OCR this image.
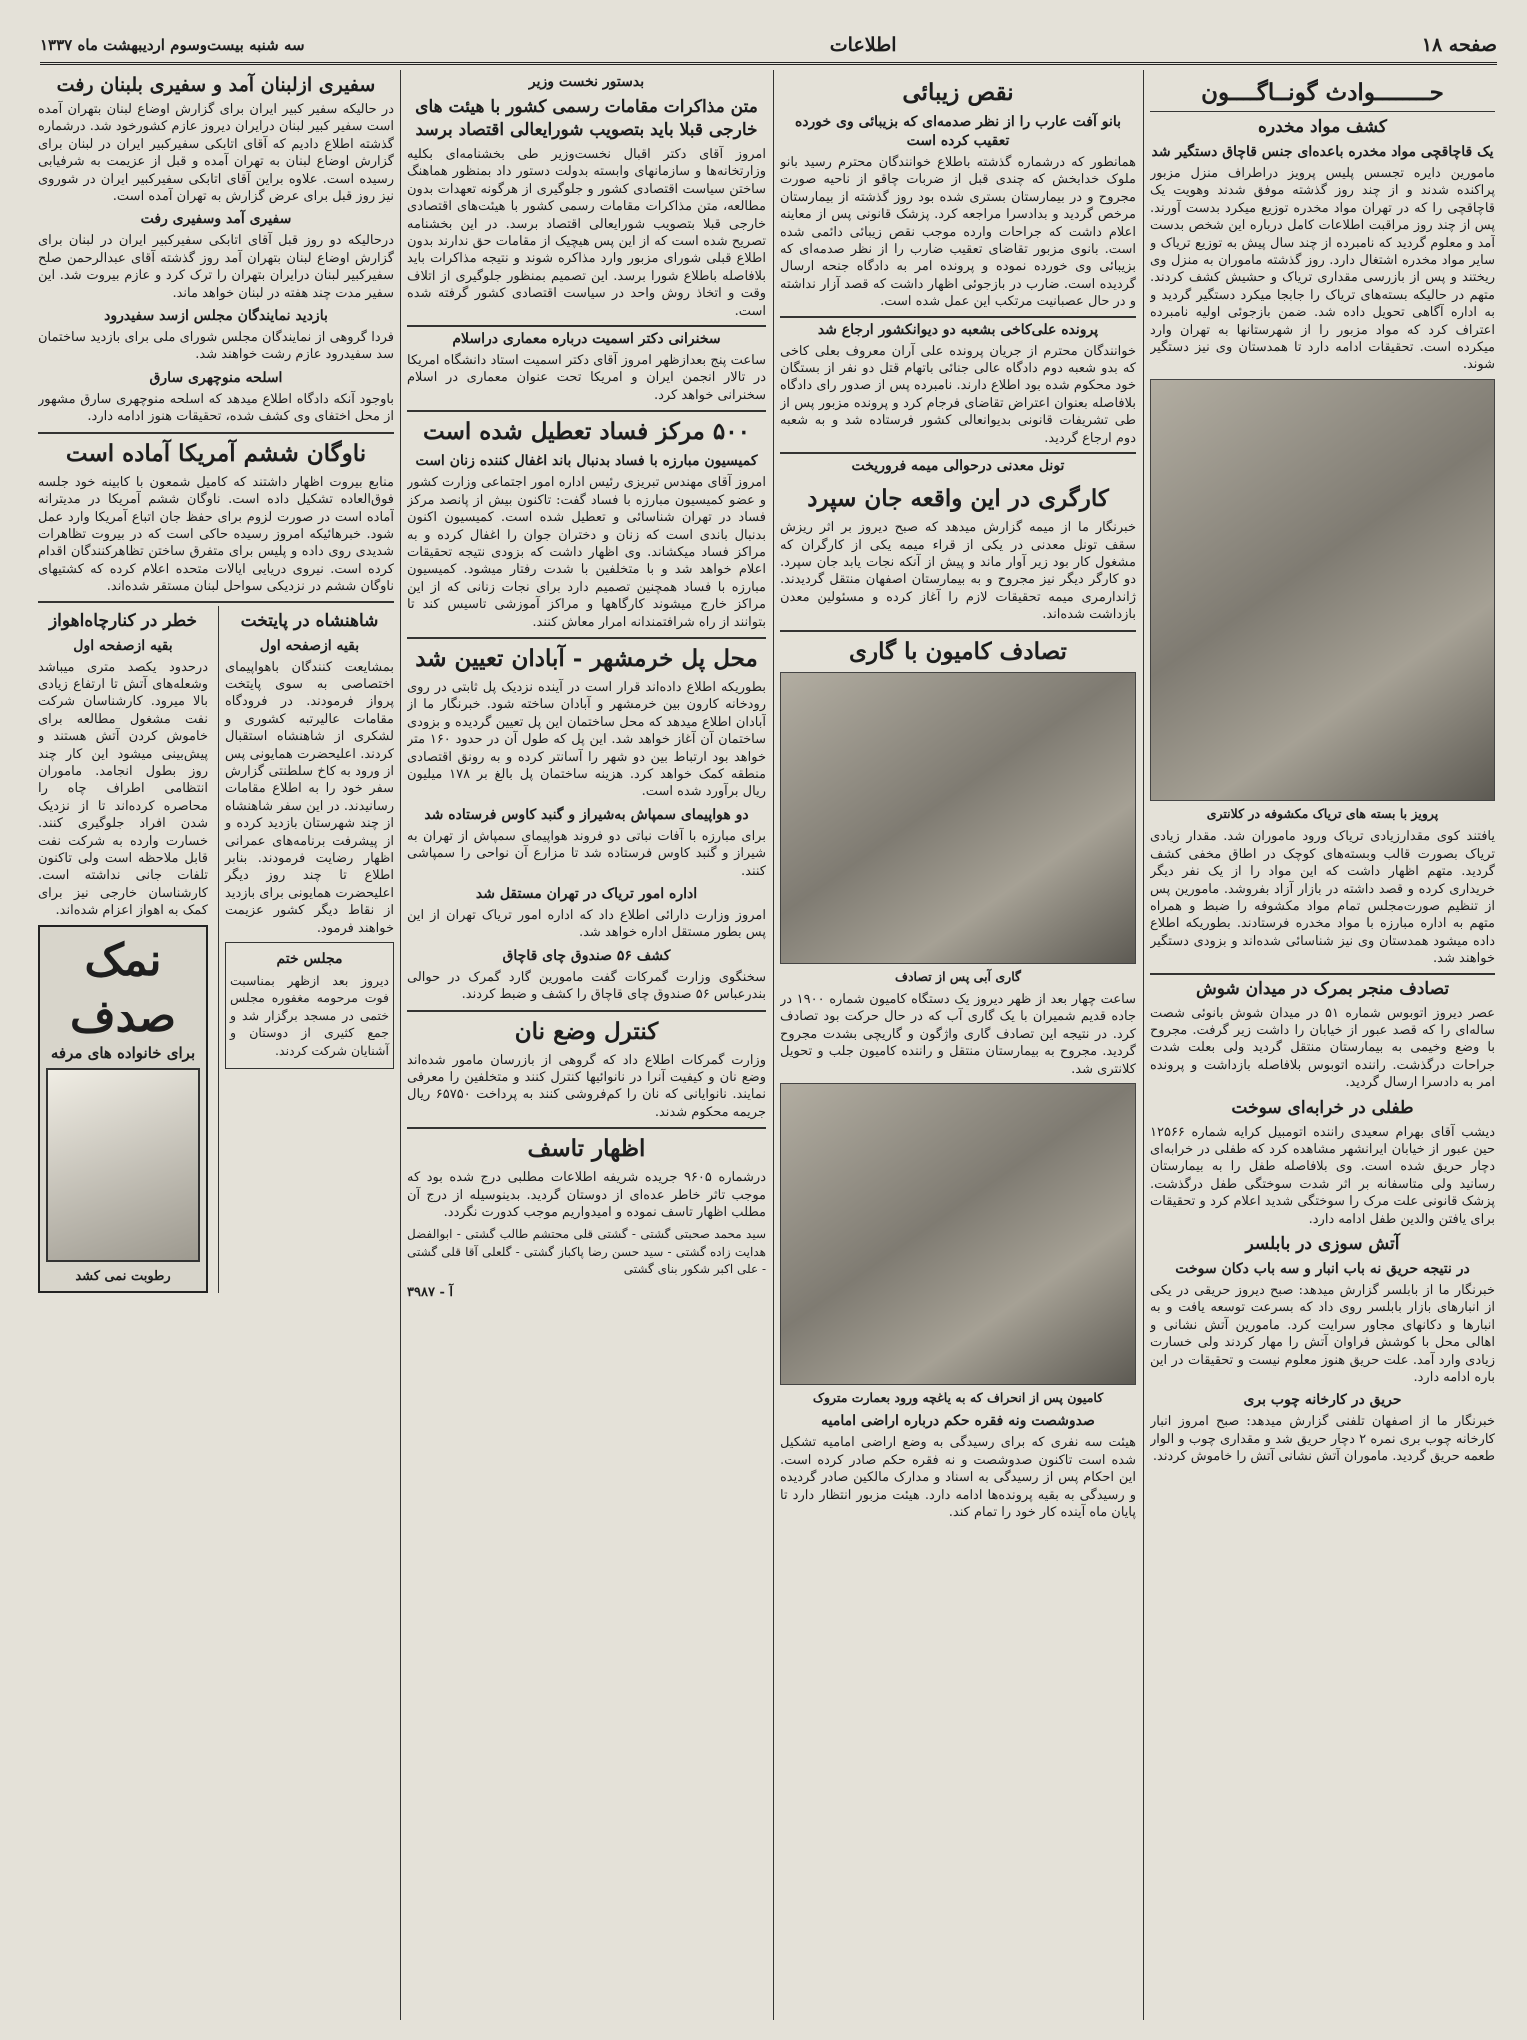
صفحه ۱۸
اطلاعات
سه شنبه بیست‌وسوم اردیبهشت ماه ۱۳۳۷
حــــــــوادث گونــاگــــون
کشف مواد مخدره
یک قاچاقچی مواد مخدره باعده‌ای جنس قاچاق دستگیر شد

مامورین دایره تجسس پلیس پرویز دراطراف منزل مزبور پراکنده شدند و از چند روز گذشته موفق شدند وهویت یک قاچاقچی را که در تهران مواد مخدره توزیع میکرد بدست آورند. پس از چند روز مراقبت اطلاعات کامل درباره این شخص بدست آمد و معلوم گردید که نامبرده از چند سال پیش به توزیع تریاک و سایر مواد مخدره اشتغال دارد. روز گذشته ماموران به منزل وی ریختند و پس از بازرسی مقداری تریاک و حشیش کشف کردند. متهم در حالیکه بسته‌های تریاک را جابجا میکرد دستگیر گردید و به اداره آگاهی تحویل داده شد. ضمن بازجوئی اولیه نامبرده اعتراف کرد که مواد مزبور را از شهرستانها به تهران وارد میکرده است. تحقیقات ادامه دارد تا همدستان وی نیز دستگیر شوند.

پرویز با بسته های تریاک مکشوفه در کلانتری

یافتند کوی مقدارزیادی تریاک ورود ماموران شد. مقدار زیادی تریاک بصورت قالب وبسته‌های کوچک در اطاق مخفی کشف گردید. متهم اظهار داشت که این مواد را از یک نفر دیگر خریداری کرده و قصد داشته در بازار آزاد بفروشد. مامورین پس از تنظیم صورت‌مجلس تمام مواد مکشوفه را ضبط و همراه متهم به اداره مبارزه با مواد مخدره فرستادند. بطوریکه اطلاع داده میشود همدستان وی نیز شناسائی شده‌اند و بزودی دستگیر خواهند شد.

تصادف منجر بمرک در میدان شوش

عصر دیروز اتوبوس شماره ۵۱ در میدان شوش بانوئی شصت ساله‌ای را که قصد عبور از خیابان را داشت زیر گرفت. مجروح با وضع وخیمی به بیمارستان منتقل گردید ولی بعلت شدت جراحات درگذشت. راننده اتوبوس بلافاصله بازداشت و پرونده امر به دادسرا ارسال گردید.

طفلی در خرابه‌ای سوخت

دیشب آقای بهرام سعیدی راننده اتومبیل کرایه شماره ۱۲۵۶۶ حین عبور از خیابان ایرانشهر مشاهده کرد که طفلی در خرابه‌ای دچار حریق شده است. وی بلافاصله طفل را به بیمارستان رسانید ولی متاسفانه بر اثر شدت سوختگی طفل درگذشت. پزشک قانونی علت مرک را سوختگی شدید اعلام کرد و تحقیقات برای یافتن والدین طفل ادامه دارد.

آتش سوزی در بابلسر
در نتیجه حریق نه باب انبار و سه باب دکان سوخت

خبرنگار ما از بابلسر گزارش میدهد: صبح دیروز حریقی در یکی از انبارهای بازار بابلسر روی داد که بسرعت توسعه یافت و به انبارها و دکانهای مجاور سرایت کرد. مامورین آتش نشانی و اهالی محل با کوشش فراوان آتش را مهار کردند ولی خسارت زیادی وارد آمد. علت حریق هنوز معلوم نیست و تحقیقات در این باره ادامه دارد.

حریق در کارخانه چوب بری

خبرنگار ما از اصفهان تلفنی گزارش میدهد: صبح امروز انبار کارخانه چوب بری نمره ۲ دچار حریق شد و مقداری چوب و الوار طعمه حریق گردید. ماموران آتش نشانی آتش را خاموش کردند.

نقص زیبائی
بانو آفت عارب را از نظر صدمه‌ای که بزیبائی وی خورده تعقیب کرده است

همانطور که درشماره گذشته باطلاع خوانندگان محترم رسید بانو ملوک خدابخش که چندی قبل از ضربات چاقو از ناحیه صورت مجروح و در بیمارستان بستری شده بود روز گذشته از بیمارستان مرخص گردید و بدادسرا مراجعه کرد. پزشک قانونی پس از معاینه اعلام داشت که جراحات وارده موجب نقص زیبائی دائمی شده است. بانوی مزبور تقاضای تعقیب ضارب را از نظر صدمه‌ای که بزیبائی وی خورده نموده و پرونده امر به دادگاه جنحه ارسال گردیده است. ضارب در بازجوئی اظهار داشت که قصد آزار نداشته و در حال عصبانیت مرتکب این عمل شده است.

پرونده علی‌کاخی بشعبه دو دیوانکشور ارجاع شد

خوانندگان محترم از جریان پرونده علی آران معروف بعلی کاخی که بدو شعبه دوم دادگاه عالی جنائی باتهام قتل دو نفر از بستگان خود محکوم شده بود اطلاع دارند. نامبرده پس از صدور رای دادگاه بلافاصله بعنوان اعتراض تقاضای فرجام کرد و پرونده مزبور پس از طی تشریفات قانونی بدیوانعالی کشور فرستاده شد و به شعبه دوم ارجاع گردید.

تونل معدنی درحوالی میمه فروریخت
کارگری در این واقعه جان سپرد

خبرنگار ما از میمه گزارش میدهد که صبح دیروز بر اثر ریزش سقف تونل معدنی در یکی از قراء میمه یکی از کارگران که مشغول کار بود زیر آوار ماند و پیش از آنکه نجات یابد جان سپرد. دو کارگر دیگر نیز مجروح و به بیمارستان اصفهان منتقل گردیدند. ژاندارمری میمه تحقیقات لازم را آغاز کرده و مسئولین معدن بازداشت شده‌اند.

تصادف کامیون با گاری
گاری آبی پس از تصادف

ساعت چهار بعد از ظهر دیروز یک دستگاه کامیون شماره ۱۹۰۰ در جاده قدیم شمیران با یک گاری آب که در حال حرکت بود تصادف کرد. در نتیجه این تصادف گاری واژگون و گاریچی بشدت مجروح گردید. مجروح به بیمارستان منتقل و راننده کامیون جلب و تحویل کلانتری شد.

کامیون پس از انحراف که به یاغچه ورود بعمارت متروک
صدوشصت ونه فقره حکم درباره اراضی امامیه

هیئت سه نفری که برای رسیدگی به وضع اراضی امامیه تشکیل شده است تاکنون صدوشصت و نه فقره حکم صادر کرده است. این احکام پس از رسیدگی به اسناد و مدارک مالکین صادر گردیده و رسیدگی به بقیه پرونده‌ها ادامه دارد. هیئت مزبور انتظار دارد تا پایان ماه آینده کار خود را تمام کند.

بدستور نخست وزیر
متن مذاکرات مقامات رسمی کشور با هیئت های خارجی قبلا باید بتصویب شورایعالی اقتصاد برسد

امروز آقای دکتر اقبال نخست‌وزیر طی بخشنامه‌ای بکلیه وزارتخانه‌ها و سازمانهای وابسته بدولت دستور داد بمنظور هماهنگ ساختن سیاست اقتصادی کشور و جلوگیری از هرگونه تعهدات بدون مطالعه، متن مذاکرات مقامات رسمی کشور با هیئت‌های اقتصادی خارجی قبلا بتصویب شورایعالی اقتصاد برسد. در این بخشنامه تصریح شده است که از این پس هیچیک از مقامات حق ندارند بدون اطلاع قبلی شورای مزبور وارد مذاکره شوند و نتیجه مذاکرات باید بلافاصله باطلاع شورا برسد. این تصمیم بمنظور جلوگیری از اتلاف وقت و اتخاذ روش واحد در سیاست اقتصادی کشور گرفته شده است.

سخنرانی دکتر اسمیت درباره معماری دراسلام

ساعت پنج بعدازظهر امروز آقای دکتر اسمیت استاد دانشگاه امریکا در تالار انجمن ایران و امریکا تحت عنوان معماری در اسلام سخنرانی خواهد کرد.

۵۰۰ مرکز فساد تعطیل شده است
کمیسیون مبارزه با فساد بدنبال باند اغفال کننده زنان است

امروز آقای مهندس تبریزی رئیس اداره امور اجتماعی وزارت کشور و عضو کمیسیون مبارزه با فساد گفت: تاکنون بیش از پانصد مرکز فساد در تهران شناسائی و تعطیل شده است. کمیسیون اکنون بدنبال باندی است که زنان و دختران جوان را اغفال کرده و به مراکز فساد میکشاند. وی اظهار داشت که بزودی نتیجه تحقیقات اعلام خواهد شد و با متخلفین با شدت رفتار میشود. کمیسیون مبارزه با فساد همچنین تصمیم دارد برای نجات زنانی که از این مراکز خارج میشوند کارگاهها و مراکز آموزشی تاسیس کند تا بتوانند از راه شرافتمندانه امرار معاش کنند.

محل پل خرمشهر - آبادان تعیین شد

بطوریکه اطلاع داده‌اند قرار است در آینده نزدیک پل ثابتی در روی رودخانه کارون بین خرمشهر و آبادان ساخته شود. خبرنگار ما از آبادان اطلاع میدهد که محل ساختمان این پل تعیین گردیده و بزودی ساختمان آن آغاز خواهد شد. این پل که طول آن در حدود ۱۶۰ متر خواهد بود ارتباط بین دو شهر را آسانتر کرده و به رونق اقتصادی منطقه کمک خواهد کرد. هزینه ساختمان پل بالغ بر ۱۷۸ میلیون ریال برآورد شده است.

دو هواپیمای سمپاش به‌شیراز و گنبد کاوس فرستاده شد

برای مبارزه با آفات نباتی دو فروند هواپیمای سمپاش از تهران به شیراز و گنبد کاوس فرستاده شد تا مزارع آن نواحی را سمپاشی کنند.

اداره امور تریاک در تهران مستقل شد

امروز وزارت دارائی اطلاع داد که اداره امور تریاک تهران از این پس بطور مستقل اداره خواهد شد.

کشف ۵۶ صندوق چای قاچاق

سخنگوی وزارت گمرکات گفت مامورین گارد گمرک در حوالی بندرعباس ۵۶ صندوق چای قاچاق را کشف و ضبط کردند.

کنترل وضع نان

وزارت گمرکات اطلاع داد که گروهی از بازرسان مامور شده‌اند وضع نان و کیفیت آنرا در نانوائیها کنترل کنند و متخلفین را معرفی نمایند. نانوایانی که نان را کم‌فروشی کنند به پرداخت ۶۵۷۵۰ ریال جریمه محکوم شدند.

اظهار تاسف

درشماره ۹۶۰۵ جریده شریفه اطلاعات مطلبی درج شده بود که موجب تاثر خاطر عده‌ای از دوستان گردید. بدینوسیله از درج آن مطلب اظهار تاسف نموده و امیدواریم موجب کدورت نگردد.

سید محمد صحبتی گشتی - گشتی قلی محتشم طالب گشتی - ابوالفضل هدایت زاده گشتی - سید حسن رضا پاکباز گشتی - گلعلی آقا قلی گشتی - علی اکبر شکور بنای گشتی

آ - ۳۹۸۷

سفیری ازلبنان آمد و سفیری بلبنان رفت

در حالیکه سفیر کبیر ایران برای گزارش اوضاع لبنان بتهران آمده است سفیر کبیر لبنان درایران دیروز عازم کشورخود شد. درشماره گذشته اطلاع دادیم که آقای اتابکی سفیرکبیر ایران در لبنان برای گزارش اوضاع لبنان به تهران آمده و قبل از عزیمت به شرفیابی رسیده است. علاوه براین آقای اتابکی سفیرکبیر ایران در شوروی نیز روز قبل برای عرض گزارش به تهران آمده است.

سفیری آمد وسفیری رفت

درحالیکه دو روز قبل آقای اتابکی سفیرکبیر ایران در لبنان برای گزارش اوضاع لبنان بتهران آمد روز گذشته آقای عبدالرحمن صلح سفیرکبیر لبنان درایران بتهران را ترک کرد و عازم بیروت شد. این سفیر مدت چند هفته در لبنان خواهد ماند.

بازدید نمایندگان مجلس ازسد سفیدرود

فردا گروهی از نمایندگان مجلس شورای ملی برای بازدید ساختمان سد سفیدرود عازم رشت خواهند شد.

اسلحه منوچهری سارق

باوجود آنکه دادگاه اطلاع میدهد که اسلحه منوچهری سارق مشهور از محل اختفای وی کشف شده، تحقیقات هنوز ادامه دارد.

ناوگان ششم آمریکا آماده است

منابع بیروت اظهار داشتند که کامیل شمعون با کابینه خود جلسه فوق‌العاده تشکیل داده است. ناوگان ششم آمریکا در مدیترانه آماده است در صورت لزوم برای حفظ جان اتباع آمریکا وارد عمل شود. خبرهائیکه امروز رسیده حاکی است که در بیروت تظاهرات شدیدی روی داده و پلیس برای متفرق ساختن تظاهرکنندگان اقدام کرده است. نیروی دریایی ایالات متحده اعلام کرده که کشتیهای ناوگان ششم در نزدیکی سواحل لبنان مستقر شده‌اند.

شاهنشاه در پایتخت
بقیه ازصفحه اول

بمشایعت کنندگان باهواپیمای اختصاصی به سوی پایتخت پرواز فرمودند. در فرودگاه مقامات عالیرتبه کشوری و لشکری از شاهنشاه استقبال کردند. اعلیحضرت همایونی پس از ورود به کاخ سلطنتی گزارش سفر خود را به اطلاع مقامات رسانیدند. در این سفر شاهنشاه از چند شهرستان بازدید کرده و از پیشرفت برنامه‌های عمرانی اظهار رضایت فرمودند. بنابر اطلاع تا چند روز دیگر اعلیحضرت همایونی برای بازدید از نقاط دیگر کشور عزیمت خواهند فرمود.

مجلس ختم

دیروز بعد ازظهر بمناسبت فوت مرحومه مغفوره مجلس ختمی در مسجد برگزار شد و جمع کثیری از دوستان و آشنایان شرکت کردند.

خطر در کنارچاه‌اهواز
بقیه ازصفحه اول

درحدود یکصد متری میباشد وشعله‌های آتش تا ارتفاع زیادی بالا میرود. کارشناسان شرکت نفت مشغول مطالعه برای خاموش کردن آتش هستند و پیش‌بینی میشود این کار چند روز بطول انجامد. ماموران انتظامی اطراف چاه را محاصره کرده‌اند تا از نزدیک شدن افراد جلوگیری کنند. خسارت وارده به شرکت نفت قابل ملاحظه است ولی تاکنون تلفات جانی نداشته است. کارشناسان خارجی نیز برای کمک به اهواز اعزام شده‌اند.

نمک صدف
برای خانواده های مرفه
رطوبت نمی کشد
